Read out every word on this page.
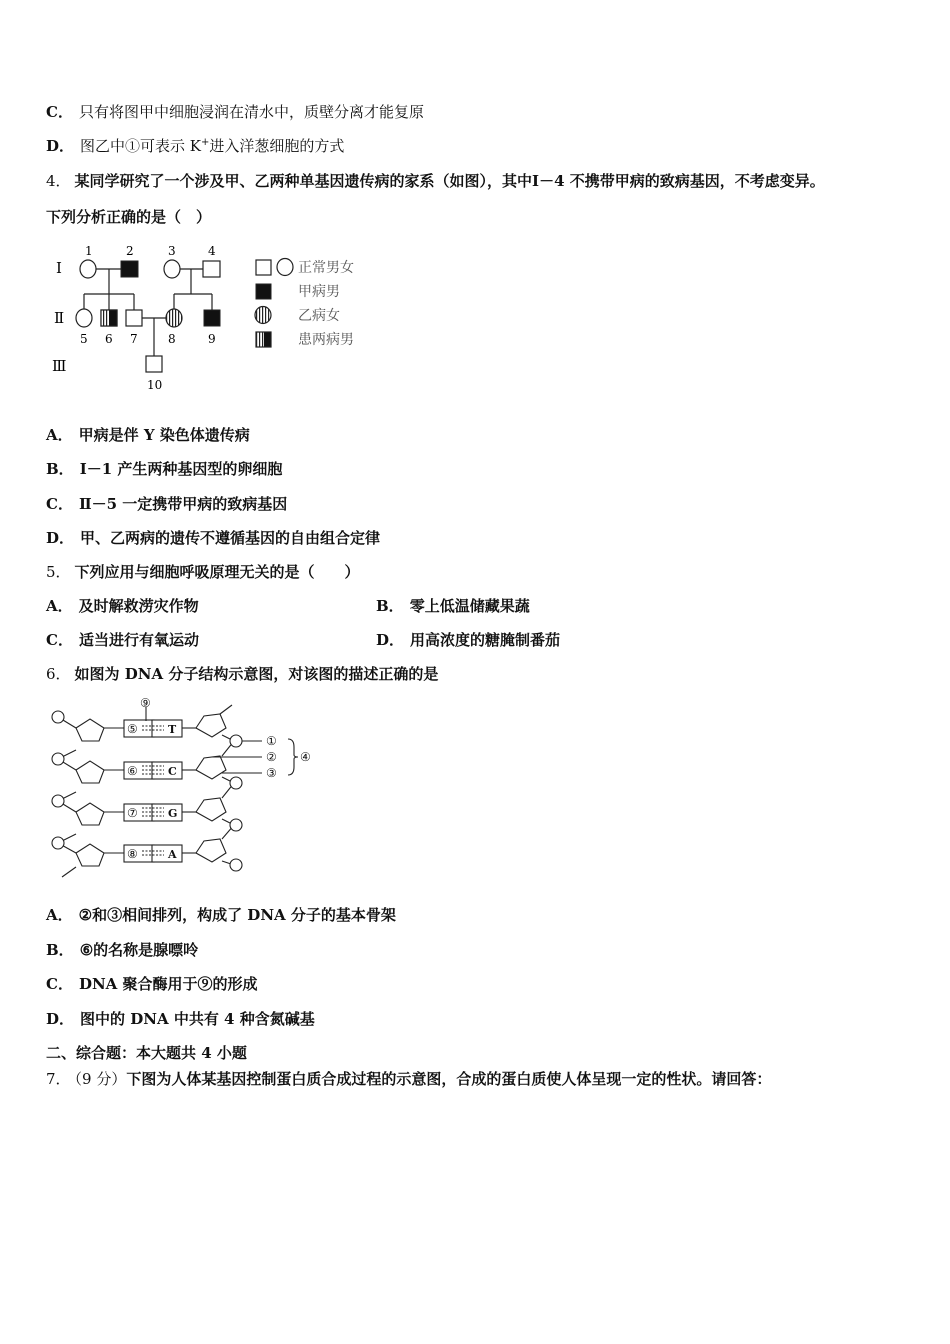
C． 只有将图甲中细胞浸润在清水中，质壁分离才能复原
D． 图乙中①可表示 K+进入洋葱细胞的方式
4． 某同学研究了一个涉及甲、乙两种单基因遗传病的家系（如图），其中Ⅰ－4 不携带甲病的致病基因，不考虑变异。
下列分析正确的是（　）
Ⅰ
Ⅱ
Ⅲ
1	2	3	4
5 6 7	8	9
10
正常男女
甲病男
乙病女
患两病男
A． 甲病是伴 Y 染色体遗传病
B． Ⅰ－1 产生两种基因型的卵细胞
C． Ⅱ－5 一定携带甲病的致病基因
D． 甲、乙两病的遗传不遵循基因的自由组合定律
5． 下列应用与细胞呼吸原理无关的是（　　）
A． 及时解救涝灾作物	B． 零上低温储藏果蔬
C． 适当进行有氧运动	D． 用高浓度的糖腌制番茄
6． 如图为 DNA 分子结构示意图，对该图的描述正确的是
⑤
⑥
⑦
⑧
T
C
G
A
⑨
①
②
③
④
A． ②和③相间排列，构成了 DNA 分子的基本骨架
B． ⑥的名称是腺嘌呤
C． DNA 聚合酶用于⑨的形成
D． 图中的 DNA 中共有 4 种含氮碱基
二、综合题：本大题共 4 小题
7． （9 分）下图为人体某基因控制蛋白质合成过程的示意图，合成的蛋白质使人体呈现一定的性状。请回答：
